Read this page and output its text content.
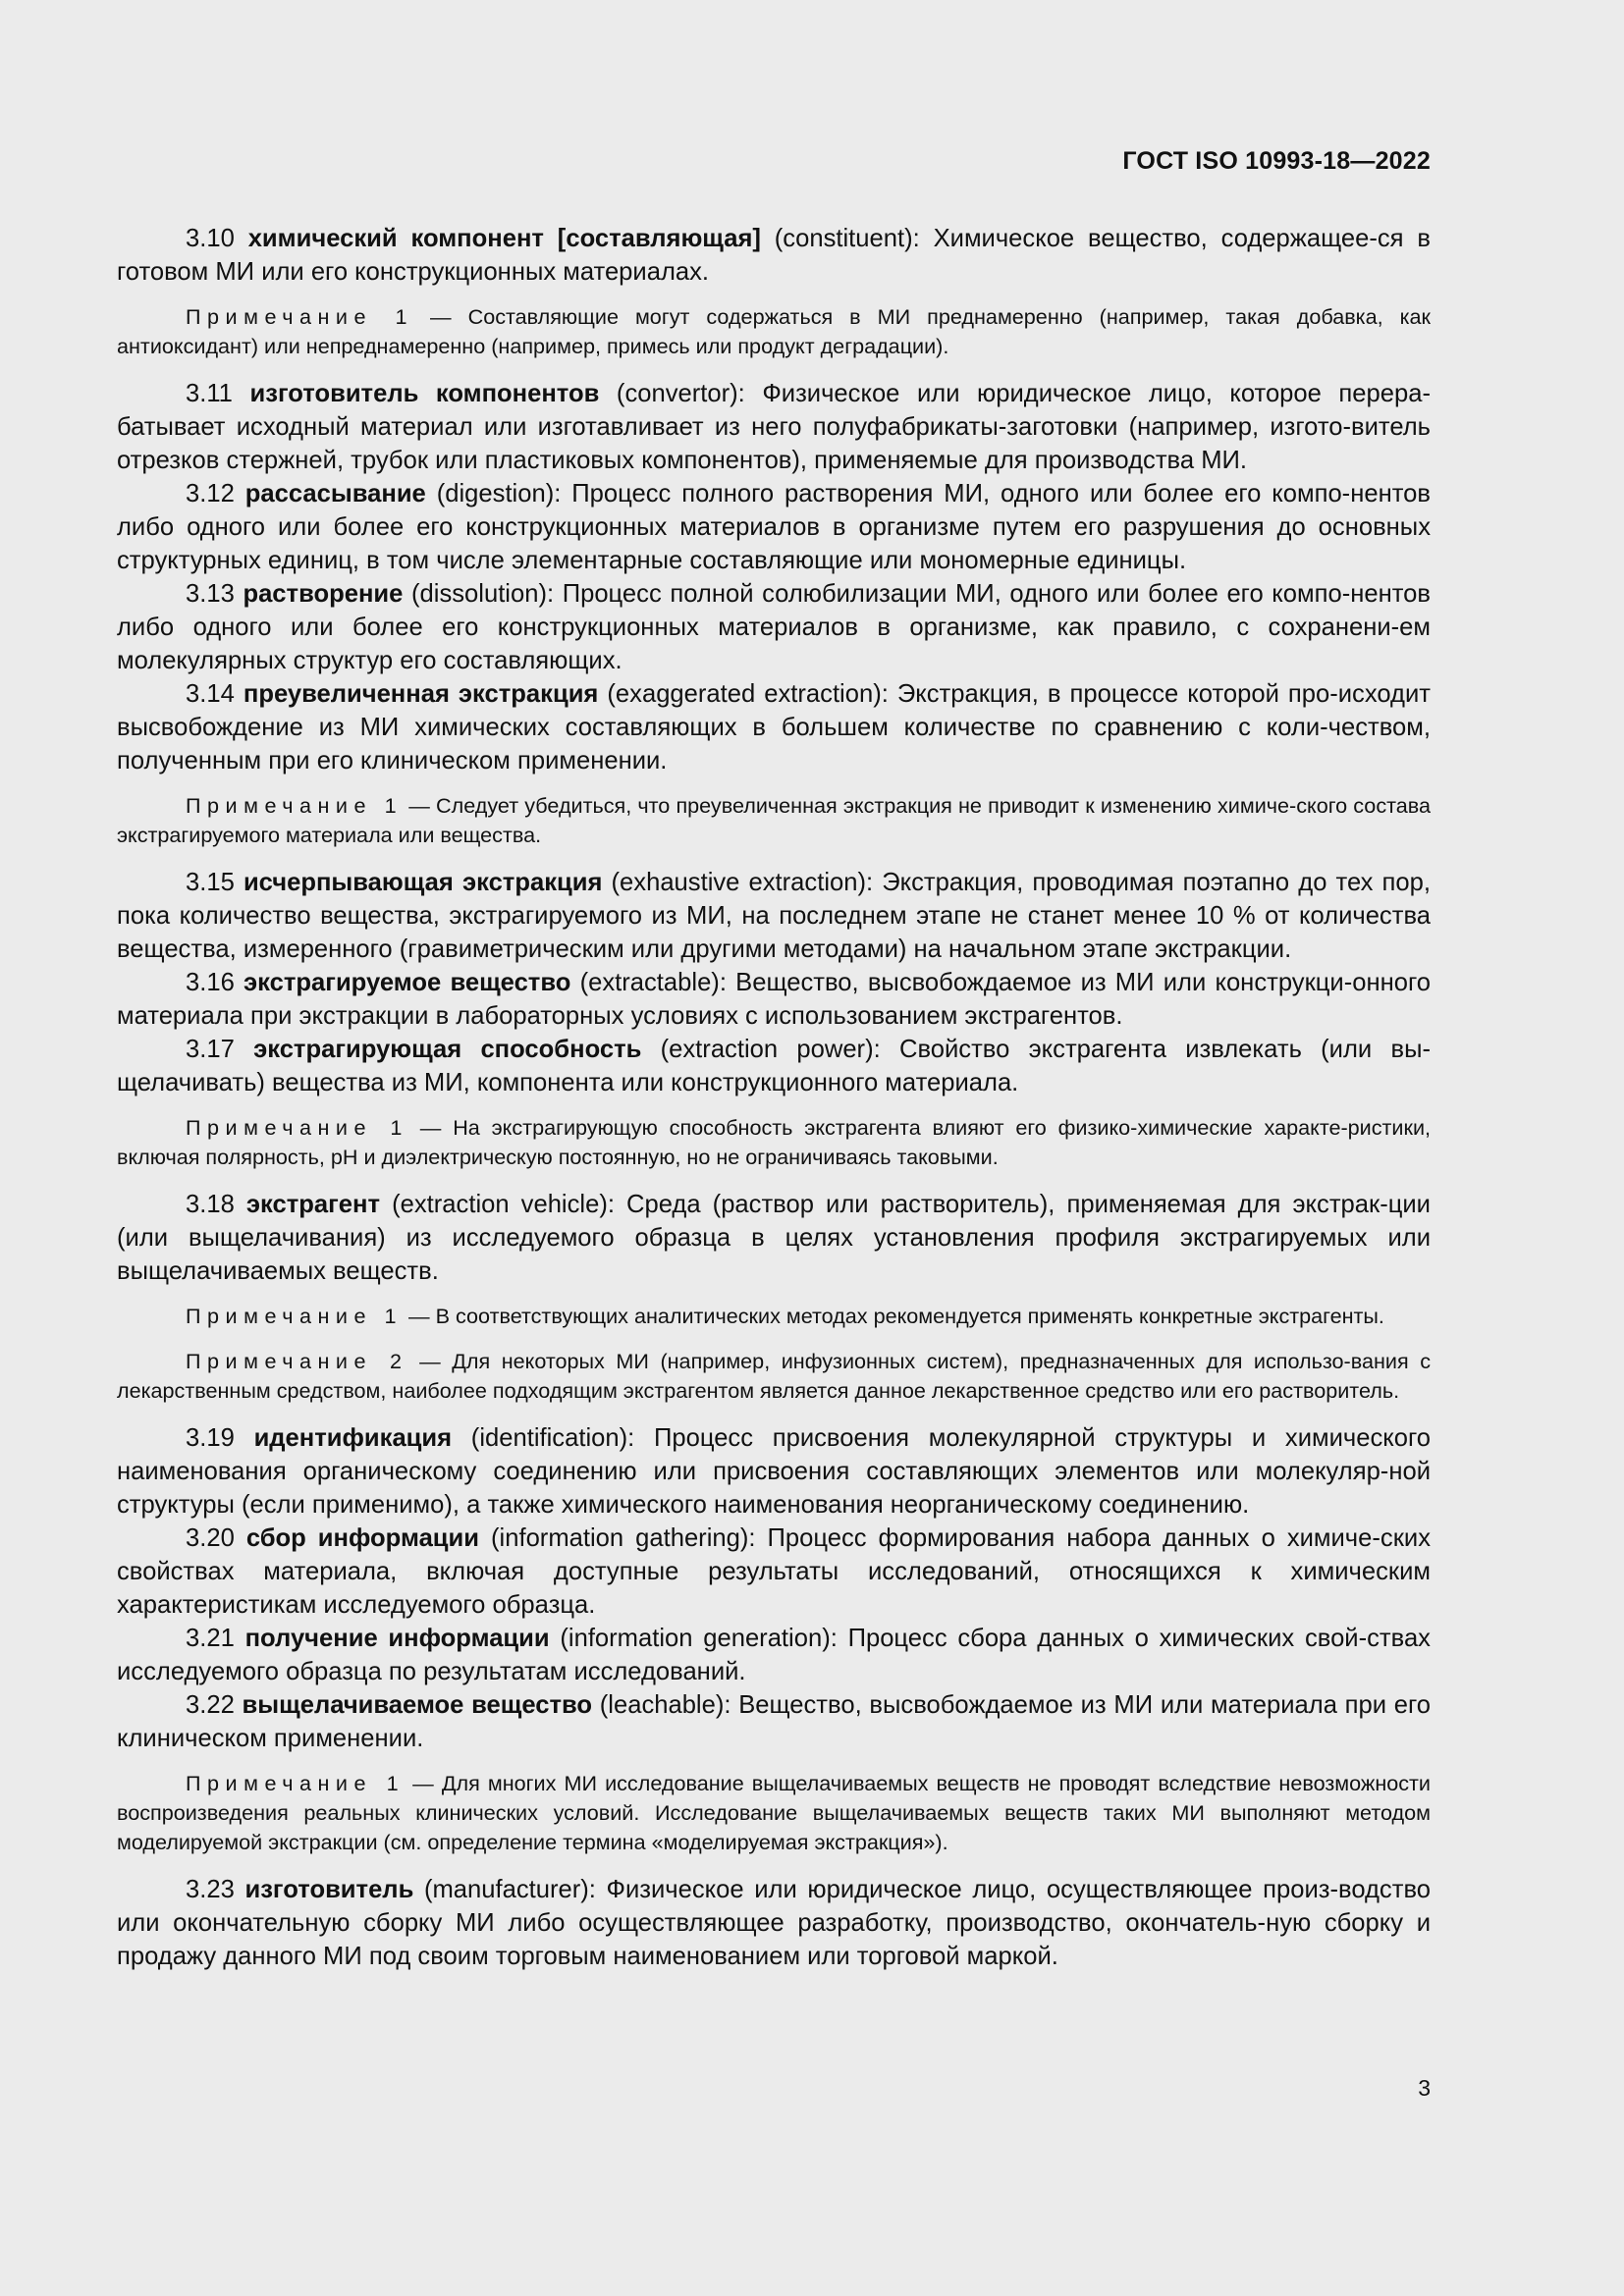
ГОСТ ISO 10993-18—2022

3.10 химический компонент [составляющая] (constituent): Химическое вещество, содержащее-ся в готовом МИ или его конструкционных материалах.

Примечание 1 — Составляющие могут содержаться в МИ преднамеренно (например, такая добавка, как антиоксидант) или непреднамеренно (например, примесь или продукт деградации).

3.11 изготовитель компонентов (convertor): Физическое или юридическое лицо, которое перера-батывает исходный материал или изготавливает из него полуфабрикаты-заготовки (например, изгото-витель отрезков стержней, трубок или пластиковых компонентов), применяемые для производства МИ.

3.12 рассасывание (digestion): Процесс полного растворения МИ, одного или более его компо-нентов либо одного или более его конструкционных материалов в организме путем его разрушения до основных структурных единиц, в том числе элементарные составляющие или мономерные единицы.

3.13 растворение (dissolution): Процесс полной солюбилизации МИ, одного или более его компо-нентов либо одного или более его конструкционных материалов в организме, как правило, с сохранени-ем молекулярных структур его составляющих.

3.14 преувеличенная экстракция (exaggerated extraction): Экстракция, в процессе которой про-исходит высвобождение из МИ химических составляющих в большем количестве по сравнению с коли-чеством, полученным при его клиническом применении.

Примечание 1 — Следует убедиться, что преувеличенная экстракция не приводит к изменению химиче-ского состава экстрагируемого материала или вещества.

3.15 исчерпывающая экстракция (exhaustive extraction): Экстракция, проводимая поэтапно до тех пор, пока количество вещества, экстрагируемого из МИ, на последнем этапе не станет менее 10 % от количества вещества, измеренного (гравиметрическим или другими методами) на начальном этапе экстракции.

3.16 экстрагируемое вещество (extractable): Вещество, высвобождаемое из МИ или конструкци-онного материала при экстракции в лабораторных условиях с использованием экстрагентов.

3.17 экстрагирующая способность (extraction power): Свойство экстрагента извлекать (или вы-щелачивать) вещества из МИ, компонента или конструкционного материала.

Примечание 1 — На экстрагирующую способность экстрагента влияют его физико-химические характе-ристики, включая полярность, pH и диэлектрическую постоянную, но не ограничиваясь таковыми.

3.18 экстрагент (extraction vehicle): Среда (раствор или растворитель), применяемая для экстрак-ции (или выщелачивания) из исследуемого образца в целях установления профиля экстрагируемых или выщелачиваемых веществ.

Примечание 1 — В соответствующих аналитических методах рекомендуется применять конкретные экстрагенты.

Примечание 2 — Для некоторых МИ (например, инфузионных систем), предназначенных для использо-вания с лекарственным средством, наиболее подходящим экстрагентом является данное лекарственное средство или его растворитель.

3.19 идентификация (identification): Процесс присвоения молекулярной структуры и химического наименования органическому соединению или присвоения составляющих элементов или молекуляр-ной структуры (если применимо), а также химического наименования неорганическому соединению.

3.20 сбор информации (information gathering): Процесс формирования набора данных о химиче-ских свойствах материала, включая доступные результаты исследований, относящихся к химическим характеристикам исследуемого образца.

3.21 получение информации (information generation): Процесс сбора данных о химических свой-ствах исследуемого образца по результатам исследований.

3.22 выщелачиваемое вещество (leachable): Вещество, высвобождаемое из МИ или материала при его клиническом применении.

Примечание 1 — Для многих МИ исследование выщелачиваемых веществ не проводят вследствие невозможности воспроизведения реальных клинических условий. Исследование выщелачиваемых веществ таких МИ выполняют методом моделируемой экстракции (см. определение термина «моделируемая экстракция»).

3.23 изготовитель (manufacturer): Физическое или юридическое лицо, осуществляющее произ-водство или окончательную сборку МИ либо осуществляющее разработку, производство, окончатель-ную сборку и продажу данного МИ под своим торговым наименованием или торговой маркой.

3
